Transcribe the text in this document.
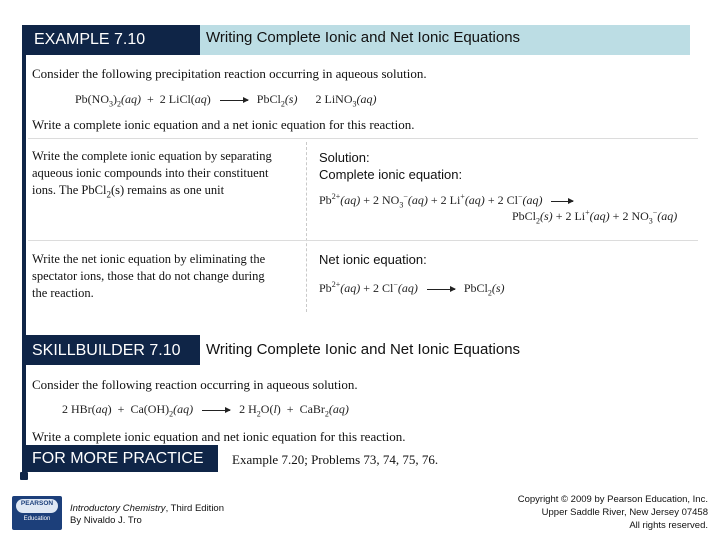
EXAMPLE 7.10	Writing Complete Ionic and Net Ionic Equations
Consider the following precipitation reaction occurring in aqueous solution.
$Pb(NO_3)_2(aq) + 2$ LiCl(aq) → PbCl$_2$(s) 2 LiNO$_3$(aq)
Write a complete ionic equation and a net ionic equation for this reaction.
Write the complete ionic equation by separating aqueous ionic compounds into their constituent ions. The PbCl$_2$(s) remains as one unit
Solution:
Complete ionic equation:
$Pb^{2+}(aq) + 2$ $NO_3^-(aq) + 2$ Li+(aq) + 2 Cl−(aq)
PbCl$_2$(s) + 2 Li+(aq) + 2 $NO_3^-(aq)$
Write the net ionic equation by eliminating the spectator ions, those that do not change during the reaction.
Net ionic equation:
$Pb^{2+}(aq) + 2$ Cl−(aq)	PbCl$_2$(s)
SKILLBUILDER 7.10	Writing Complete Ionic and Net Ionic Equations
Consider the following reaction occurring in aqueous solution.
2 $HBr(aq) + Ca(OH)_2(aq)$	2 $H_2O(l)$ + CaBr$_2$(aq)
Write a complete ionic equation and net ionic equation for this reaction.
FOR MORE PRACTICE	Example 7.20; Problems 73, 74, 75, 76.
PEARSON
Education
Introductory Chemistry, Third Edition
By Nivaldo J. Tro
Copyright © 2009 by Pearson Education, Inc.
Upper Saddle River, New Jersey 07458
All rights reserved.
